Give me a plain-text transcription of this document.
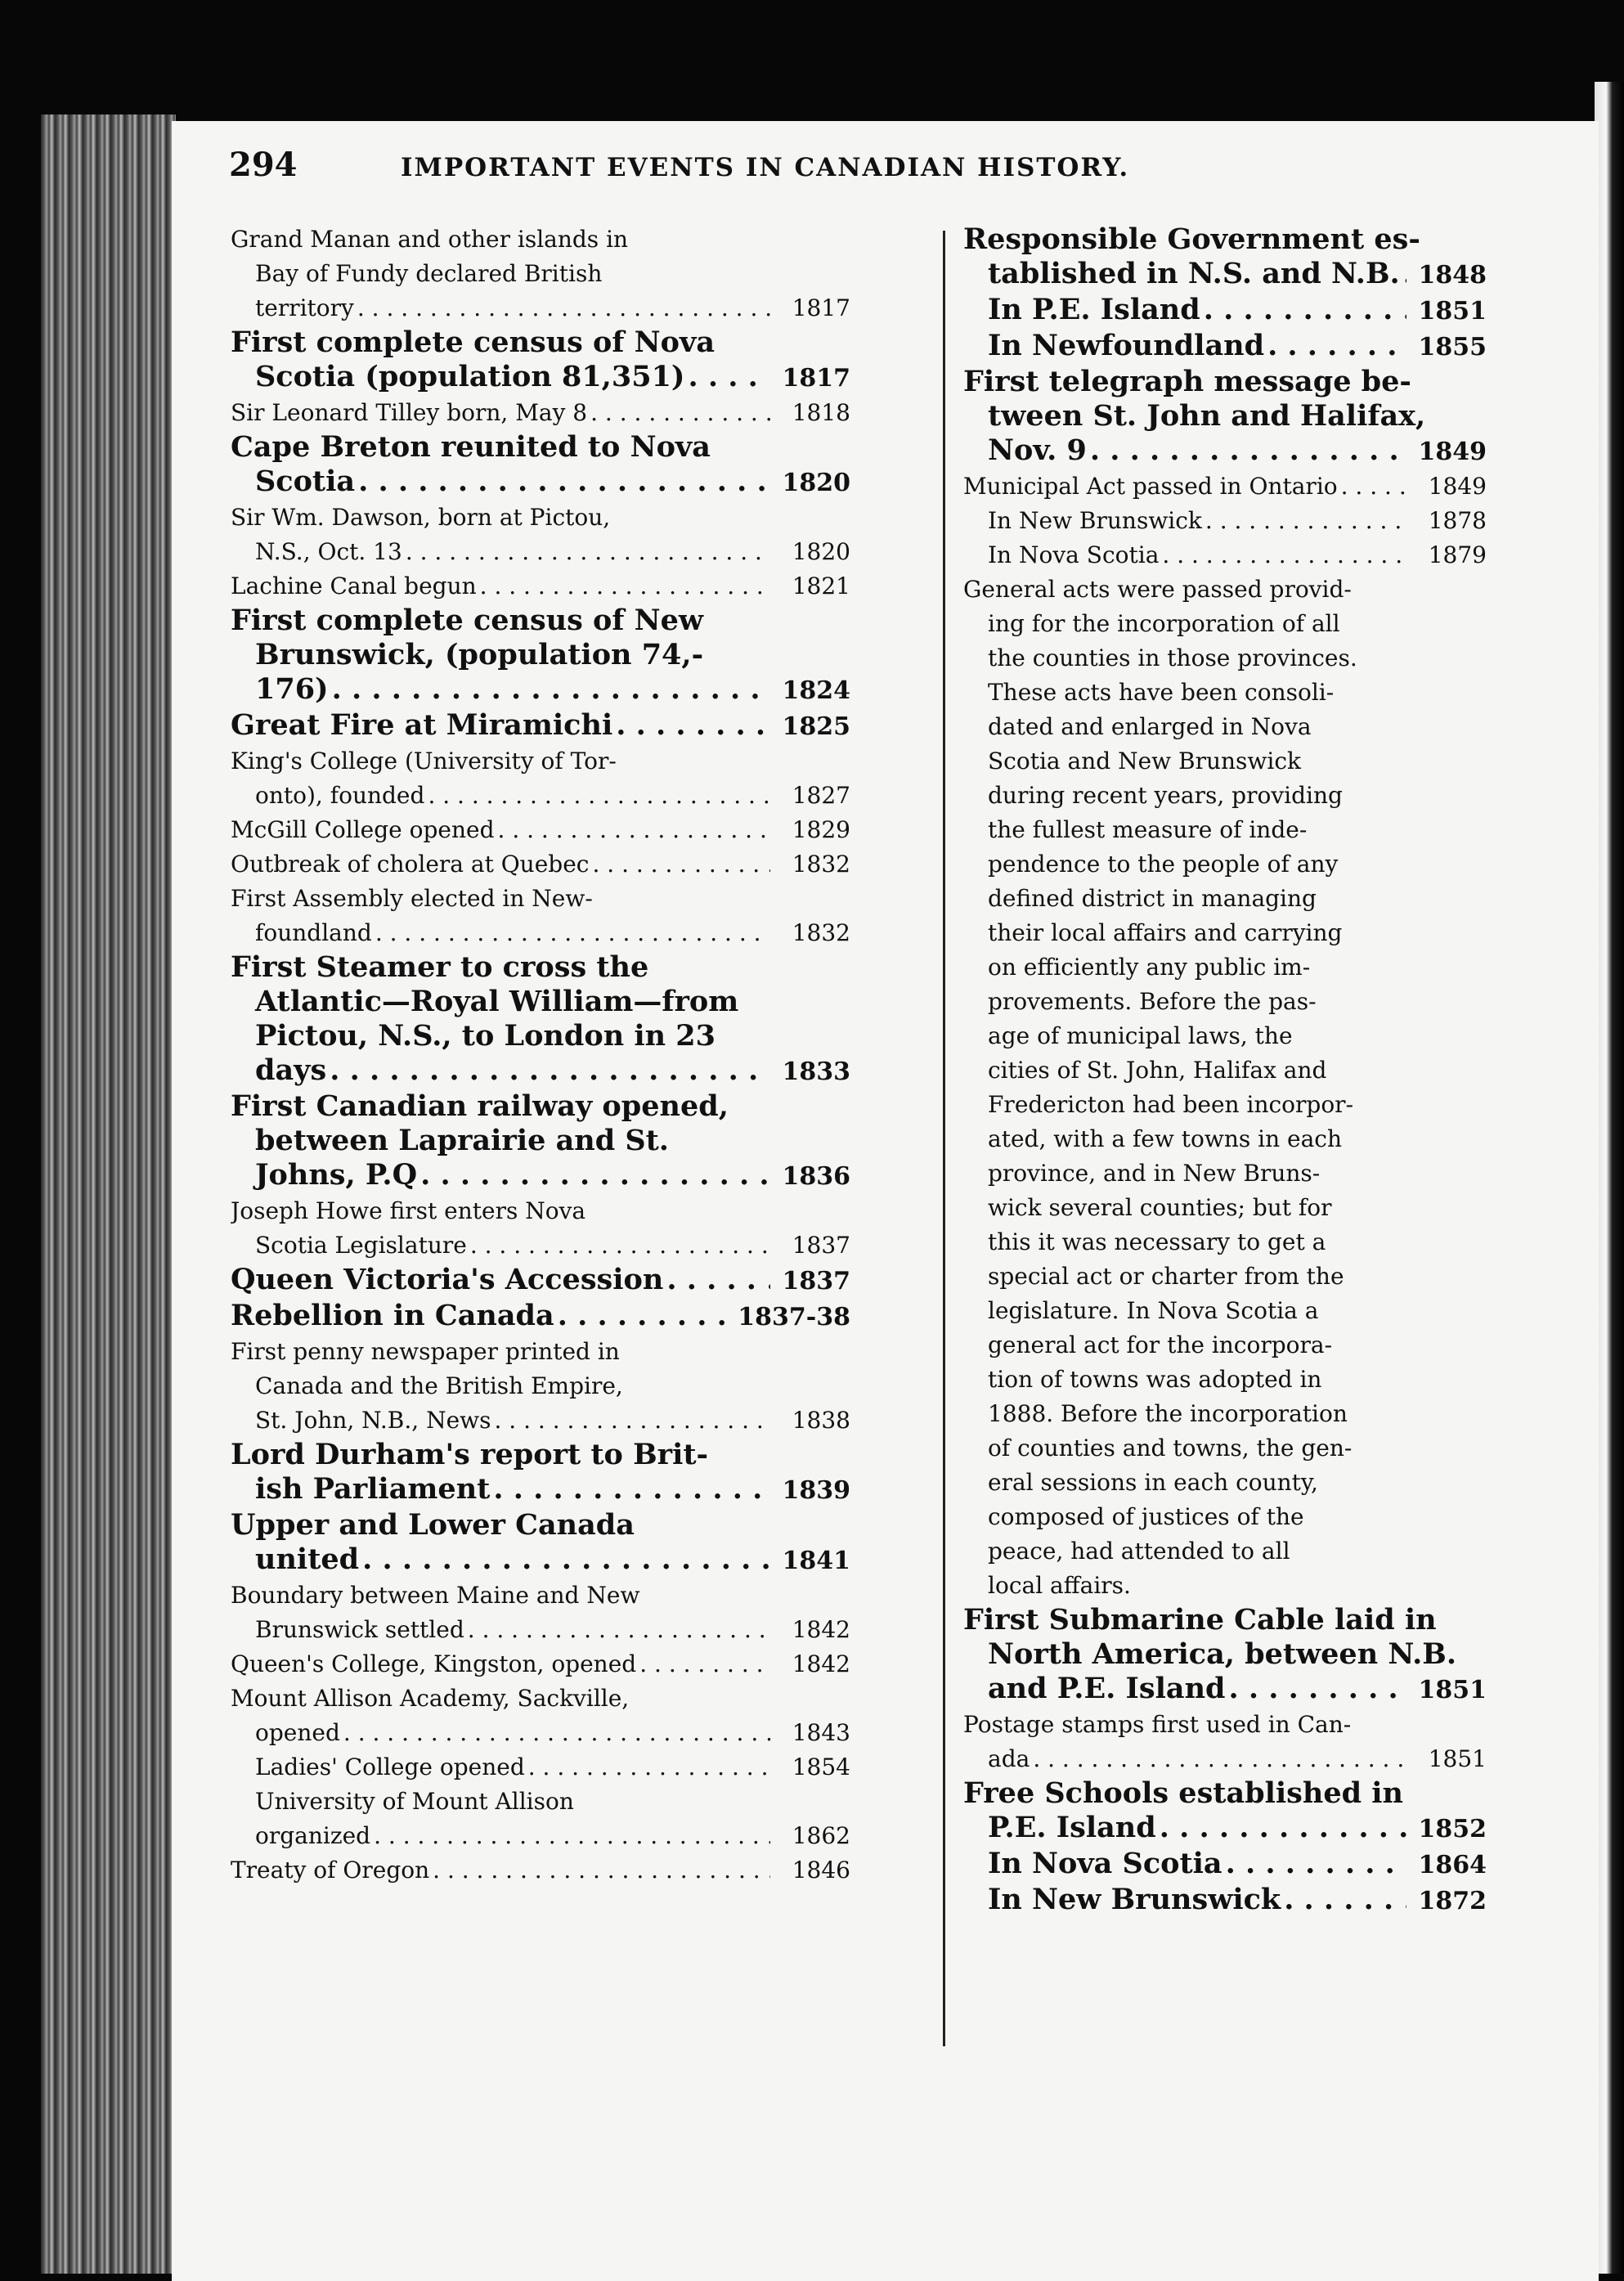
294	IMPORTANT EVENTS IN CANADIAN HISTORY.
Grand Manan and other islands in
Bay of Fundy declared British
territory . . .	1817
First complete census of Nova
Scotia (population 81,351) . . .	1817
Sir Leonard Tilley born, May 8 . . .	1818
Cape Breton reunited to Nova
Scotia . . .	1820
Sir Wm. Dawson, born at Pictou,
N.S., Oct. 13 . . .	1820
Lachine Canal begun . . .	1821
First complete census of New
Brunswick, (population 74,-
176) . . .	1824
Great Fire at Miramichi . . .	1825
King's College (University of Tor-
onto), founded . . .	1827
McGill College opened . . .	1829
Outbreak of cholera at Quebec . . .	1832
First Assembly elected in New-
foundland . . .	1832
First Steamer to cross the
Atlantic—Royal William—from
Pictou, N.S., to London in 23
days . . .	1833
First Canadian railway opened,
between Laprairie and St.
Johns, P.Q . . .	1836
Joseph Howe first enters Nova
Scotia Legislature . . .	1837
Queen Victoria's Accession . . .	1837
Rebellion in Canada . . .	1837-38
First penny newspaper printed in
Canada and the British Empire,
St. John, N.B., News . . .	1838
Lord Durham's report to Brit-
ish Parliament . . .	1839
Upper and Lower Canada
united . . .	1841
Boundary between Maine and New
Brunswick settled . . .	1842
Queen's College, Kingston, opened . . .	1842
Mount Allison Academy, Sackville,
opened . . .	1843
Ladies' College opened . . .	1854
University of Mount Allison
organized . . .	1862
Treaty of Oregon . . .	1846
Responsible Government es-
tablished in N.S. and N.B. . . . 1848
In P.E. Island . . .	1851
In Newfoundland . . .	1855
First telegraph message be-
tween St. John and Halifax,
Nov. 9 . . .	1849
Municipal Act passed in Ontario . . .	1849
In New Brunswick . . .	1878
In Nova Scotia . . .	1879
General acts were passed provid-
ing for the incorporation of all
the counties in those provinces.
These acts have been consoli-
dated and enlarged in Nova
Scotia and New Brunswick
during recent years, providing
the fullest measure of inde-
pendence to the people of any
defined district in managing
their local affairs and carrying
on efficiently any public im-
provements. Before the pas-
age of municipal laws, the
cities of St. John, Halifax and
Fredericton had been incorpor-
ated, with a few towns in each
province, and in New Bruns-
wick several counties; but for
this it was necessary to get a
special act or charter from the
legislature. In Nova Scotia a
general act for the incorpora-
tion of towns was adopted in
1888. Before the incorporation
of counties and towns, the gen-
eral sessions in each county,
composed of justices of the
peace, had attended to all
local affairs.
First Submarine Cable laid in
North America, between N.B.
and P.E. Island . . .	1851
Postage stamps first used in Can-
ada . . .	1851
Free Schools established in
P.E. Island . . .	1852
In Nova Scotia . . .	1864
In New Brunswick . . .	1872
